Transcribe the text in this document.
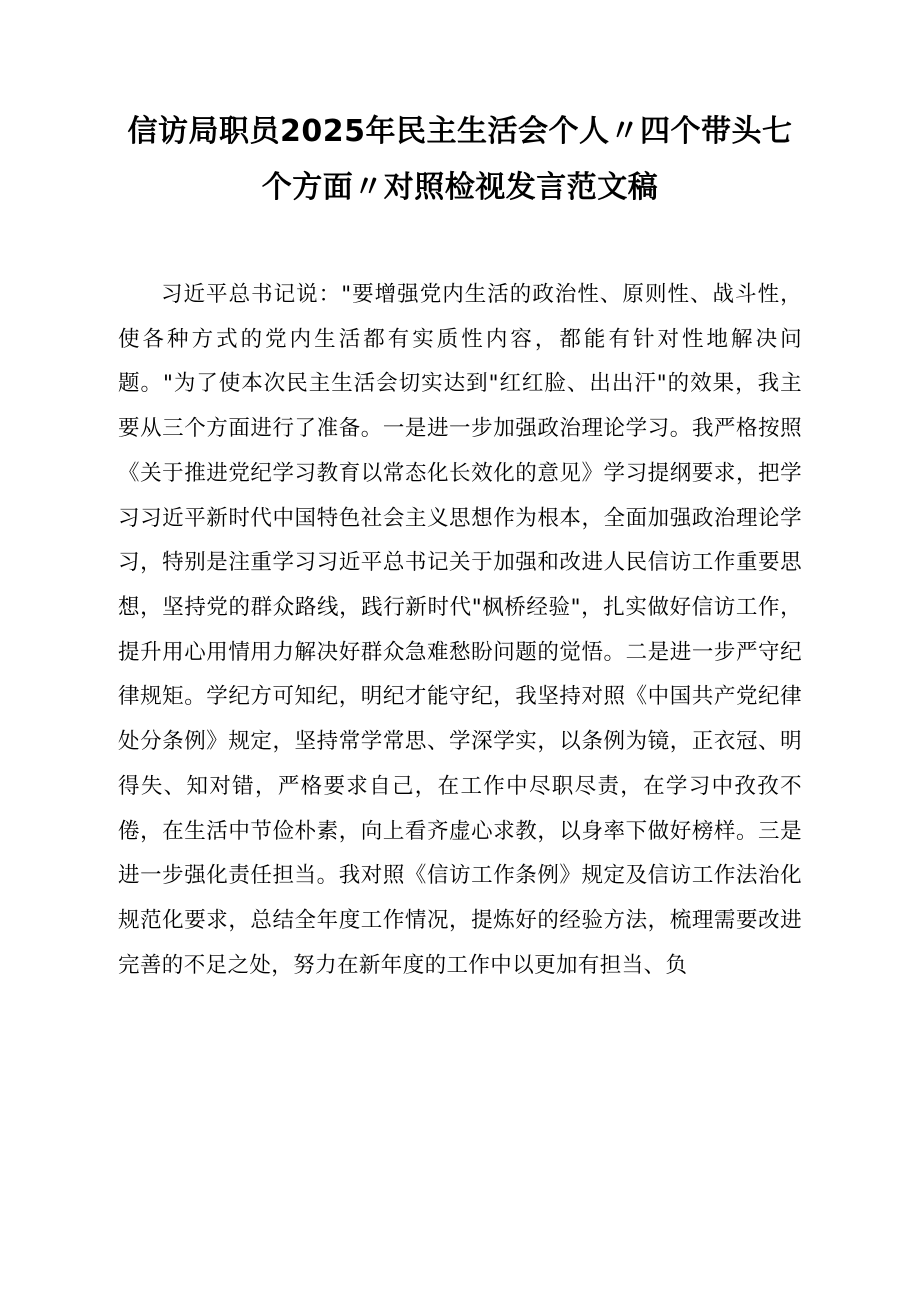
信访局职员2025年民主生活会个人〃四个带头七个方面〃对照检视发言范文稿

习近平总书记说："要增强党内生活的政治性、原则性、战斗性，使各种方式的党内生活都有实质性内容，都能有针对性地解决问题。"为了使本次民主生活会切实达到"红红脸、出出汗"的效果，我主要从三个方面进行了准备。一是进一步加强政治理论学习。我严格按照《关于推进党纪学习教育以常态化长效化的意见》学习提纲要求，把学习习近平新时代中国特色社会主义思想作为根本，全面加强政治理论学习，特别是注重学习习近平总书记关于加强和改进人民信访工作重要思想，坚持党的群众路线，践行新时代"枫桥经验"，扎实做好信访工作，提升用心用情用力解决好群众急难愁盼问题的觉悟。二是进一步严守纪律规矩。学纪方可知纪，明纪才能守纪，我坚持对照《中国共产党纪律处分条例》规定，坚持常学常思、学深学实，以条例为镜，正衣冠、明得失、知对错，严格要求自己，在工作中尽职尽责，在学习中孜孜不倦，在生活中节俭朴素，向上看齐虚心求教，以身率下做好榜样。三是进一步强化责任担当。我对照《信访工作条例》规定及信访工作法治化规范化要求，总结全年度工作情况，提炼好的经验方法，梳理需要改进完善的不足之处，努力在新年度的工作中以更加有担当、负
